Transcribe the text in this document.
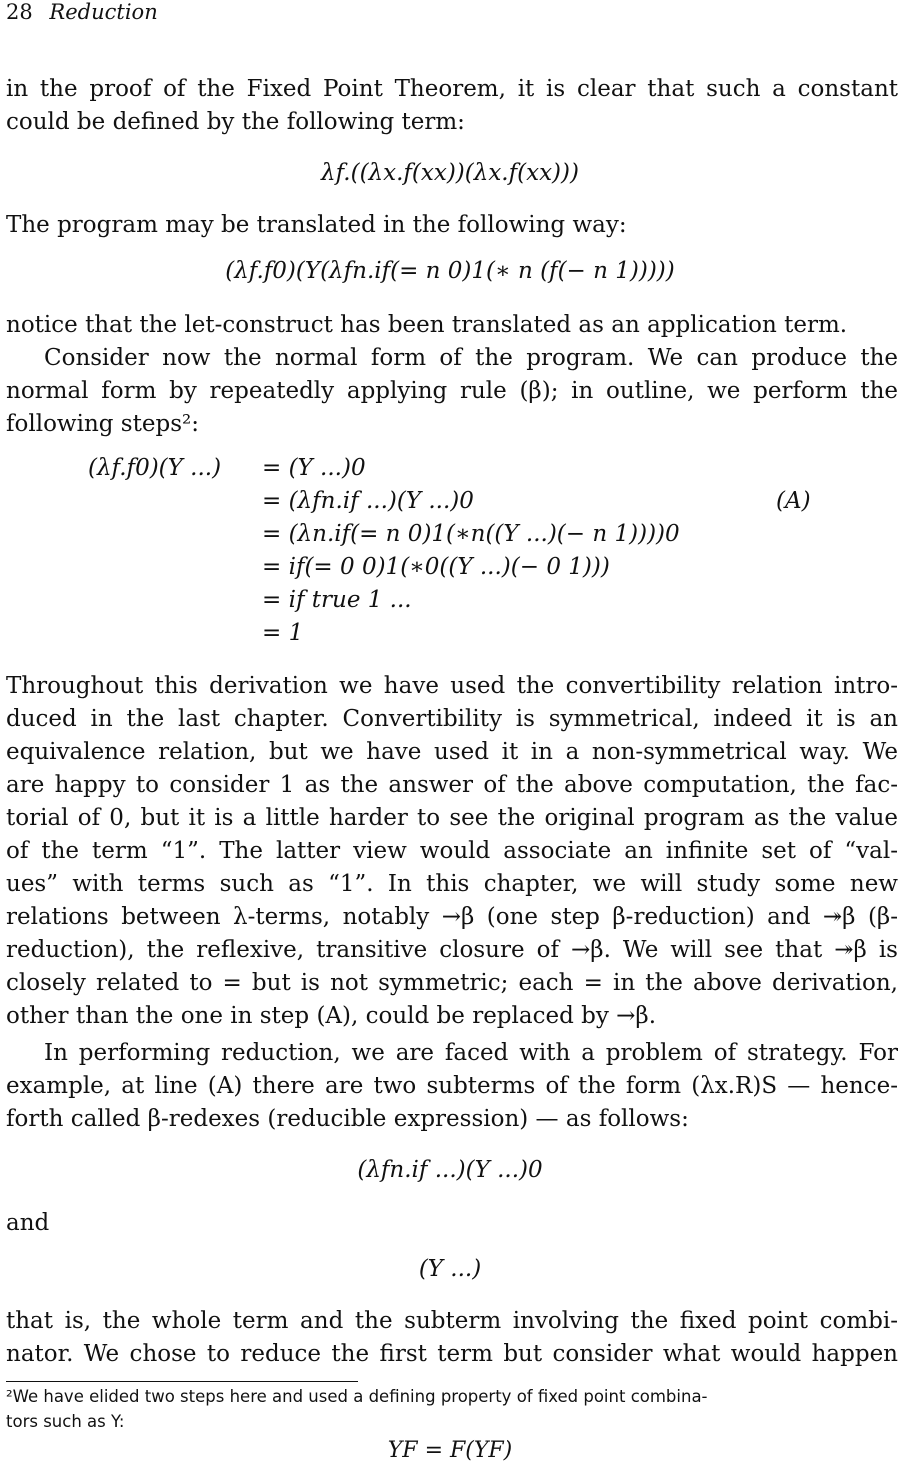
28 Reduction
in the proof of the Fixed Point Theorem, it is clear that such a constant
could be defined by the following term:
λf.((λx.f(xx))(λx.f(xx)))
The program may be translated in the following way:
(λf.f0)(Y(λfn.if(= n 0)1(∗ n (f(− n 1)))))
notice that the let-construct has been translated as an application term.
Consider now the normal form of the program. We can produce the
normal form by repeatedly applying rule (β); in outline, we perform the
following steps²:
(λf.f0)(Y ...) = (Y ...)0
= (λfn.if ...)(Y ...)0	(A)
= (λn.if(= n 0)1(∗n((Y ...)(− n 1))))0
= if(= 0 0)1(∗0((Y ...)(− 0 1)))
= if true 1 ...
= 1
Throughout this derivation we have used the convertibility relation intro-
duced in the last chapter. Convertibility is symmetrical, indeed it is an
equivalence relation, but we have used it in a non-symmetrical way. We
are happy to consider 1 as the answer of the above computation, the fac-
torial of 0, but it is a little harder to see the original program as the value
of the term “1”. The latter view would associate an infinite set of “val-
ues” with terms such as “1”. In this chapter, we will study some new
relations between λ-terms, notably →β (one step β-reduction) and ↠β (β-
reduction), the reflexive, transitive closure of →β. We will see that ↠β is
closely related to = but is not symmetric; each = in the above derivation,
other than the one in step (A), could be replaced by →β.
In performing reduction, we are faced with a problem of strategy. For
example, at line (A) there are two subterms of the form (λx.R)S — hence-
forth called β-redexes (reducible expression) — as follows:
(λfn.if ...)(Y ...)0
and
(Y ...)
that is, the whole term and the subterm involving the fixed point combi-
nator. We chose to reduce the first term but consider what would happen
²We have elided two steps here and used a defining property of fixed point combina-
tors such as Y:
YF = F(YF)
